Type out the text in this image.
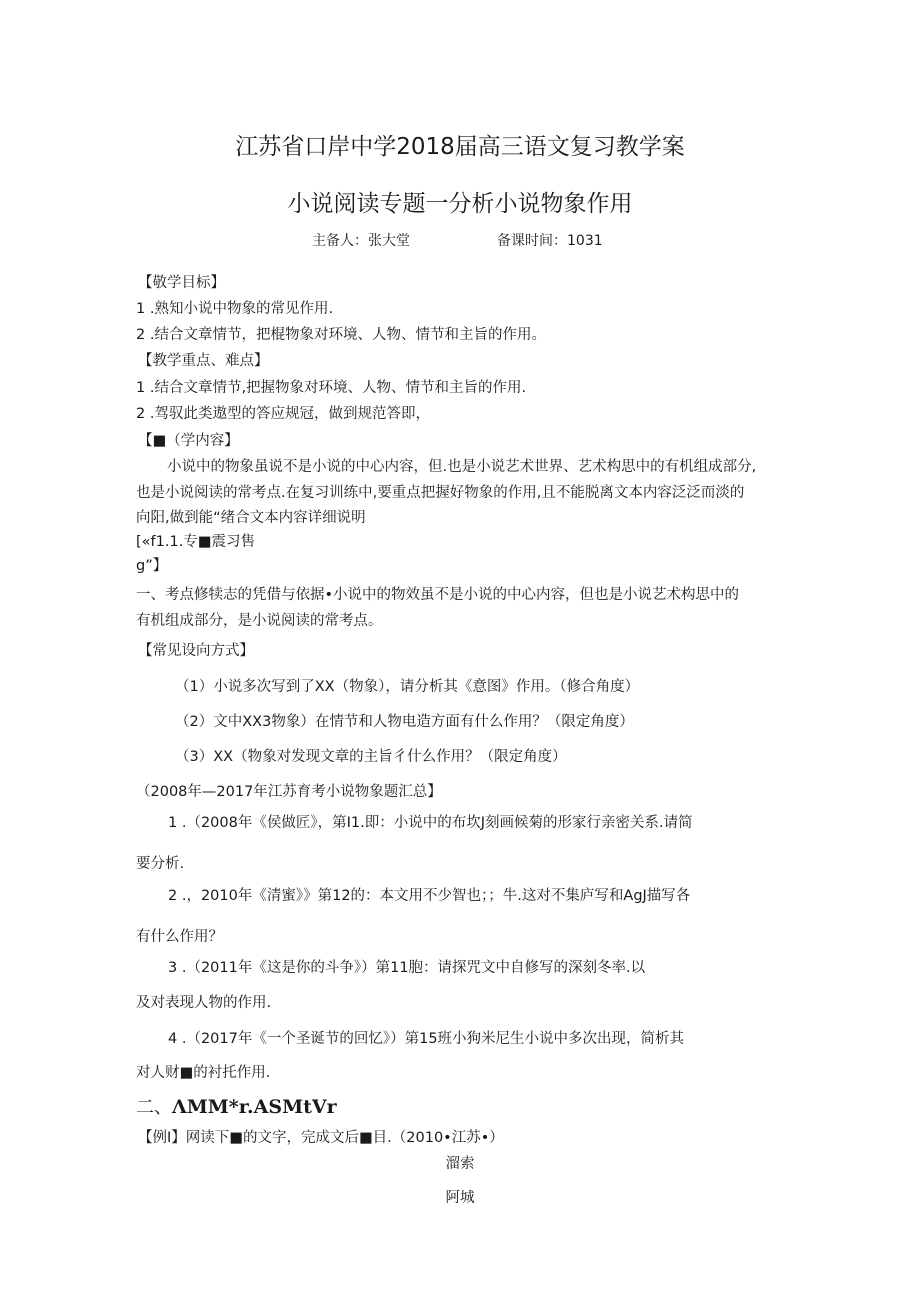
江苏省口岸中学2018届高三语文复习教学案
小说阅读专题一分析小说物象作用
主备人：张大堂	备课时间：1031
【敬学目标】
1 .熟知小说中物象的常见作用.
2 .结合文章情节，把棍物象对环境、人物、情节和主旨的作用。
【教学重点、难点】
1 .结合文章情节,把握物象对环境、人物、情节和主旨的作用.
2 .驾驭此类遨型的答应规冠，做到规范答即，
【■（学内容】
小说中的物象虽说不是小说的中心内容，但.也是小说艺术世界、艺术构思中的有机组成部分,
也是小说阅读的常考点.在复习训练中,要重点把握好物象的作用,且不能脱离文本内容泛泛而淡的
向阳,做到能“绪合文本内容详细说明
[«f1.1.专■震习售
g”】
一、考点修犊志的凭借与依据•小说中的物效虽不是小说的中心内容，但也是小说艺术构思中的
有机组成部分，是小说阅读的常考点。
【常见设向方式】
（1）小说多次写到了XX（物象），请分析其《意图》作用。（修合角度）
（2）文中XX3物象）在情节和人物电造方面有什么作用？（限定角度）
（3）XX（物象对发现文章的主旨彳什么作用？（限定角度）
（2008年—2017年江苏育考小说物象题汇总】
1 .（2008年《侯做匠》，第I1.即：小说中的布坎J刻画候菊的形家行亲密关系.请简
要分析.
2 .，2010年《清蜜》》第12的：本文用不少智也；；牛.这对不集庐写和AgJ描写各
有什么作用？
3 .（2011年《这是你的斗争》）第11胞：请探咒文中自修写的深刻冬率.以
及对表现人物的作用.
4 .（2017年《一个圣诞节的回忆》）第15班小狗米尼生小说中多次出现，简析其
对人财■的衬托作用.
二、ΛMM*r.ASMtVr
【例I】网读下■的文字，完成文后■目.（2010•江苏•）
溜索
阿城
